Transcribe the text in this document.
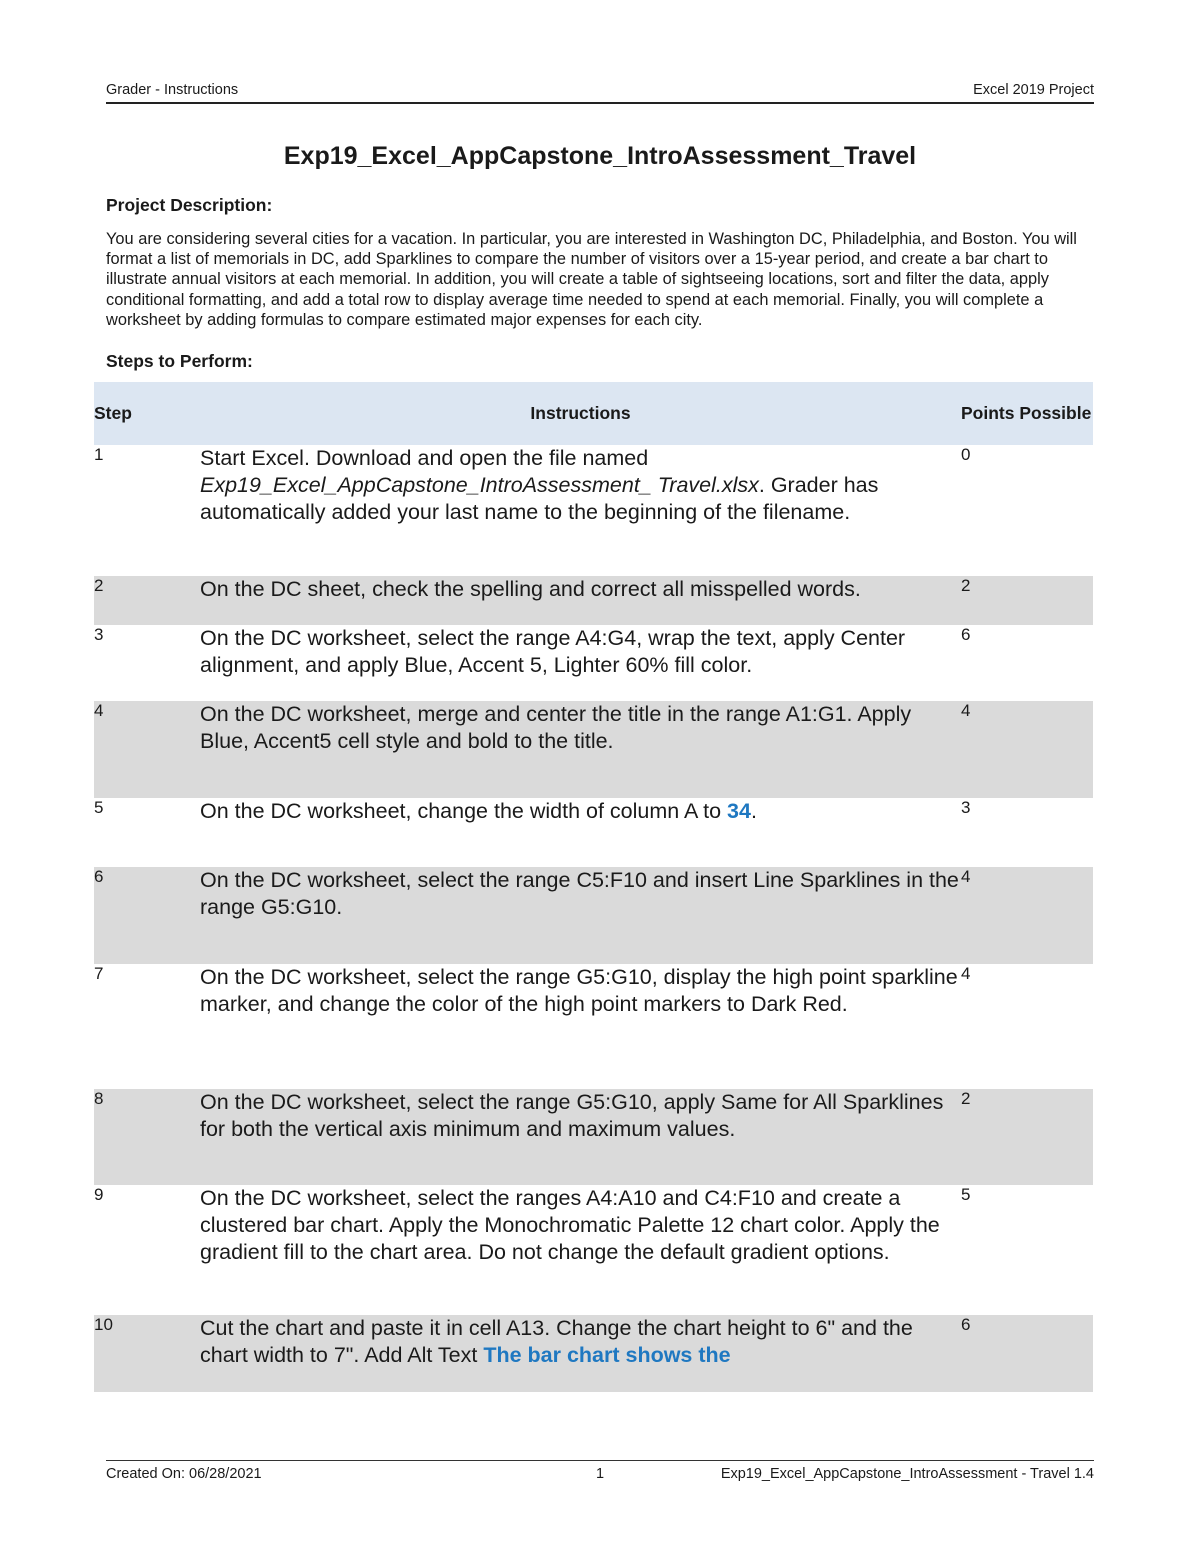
Grader - Instructions	Excel 2019 Project
Exp19_Excel_AppCapstone_IntroAssessment_Travel
Project Description:
You are considering several cities for a vacation. In particular, you are interested in Washington DC, Philadelphia, and Boston. You will format a list of memorials in DC, add Sparklines to compare the number of visitors over a 15-year period, and create a bar chart to illustrate annual visitors at each memorial. In addition, you will create a table of sightseeing locations, sort and filter the data, apply conditional formatting, and add a total row to display average time needed to spend at each memorial. Finally, you will complete a worksheet by adding formulas to compare estimated major expenses for each city.
Steps to Perform:
Step	Instructions	Points Possible
1	Start Excel. Download and open the file named Exp19_Excel_AppCapstone_IntroAssessment_ Travel.xlsx. Grader has automatically added your last name to the beginning of the filename.	0
2	On the DC sheet, check the spelling and correct all misspelled words.	2
3	On the DC worksheet, select the range A4:G4, wrap the text, apply Center alignment, and apply Blue, Accent 5, Lighter 60% fill color.	6
4	On the DC worksheet, merge and center the title in the range A1:G1. Apply Blue, Accent5 cell style and bold to the title.	4
5	On the DC worksheet, change the width of column A to 34.	3
6	On the DC worksheet, select the range C5:F10 and insert Line Sparklines in the range G5:G10.	4
7	On the DC worksheet, select the range G5:G10, display the high point sparkline marker, and change the color of the high point markers to Dark Red.	4
8	On the DC worksheet, select the range G5:G10, apply Same for All Sparklines for both the vertical axis minimum and maximum values.	2
9	On the DC worksheet, select the ranges A4:A10 and C4:F10 and create a clustered bar chart. Apply the Monochromatic Palette 12 chart color. Apply the gradient fill to the chart area. Do not change the default gradient options.	5
10	Cut the chart and paste it in cell A13. Change the chart height to 6" and the chart width to 7". Add Alt Text The bar chart shows the	6
Created On: 06/28/2021	1	Exp19_Excel_AppCapstone_IntroAssessment - Travel 1.4
